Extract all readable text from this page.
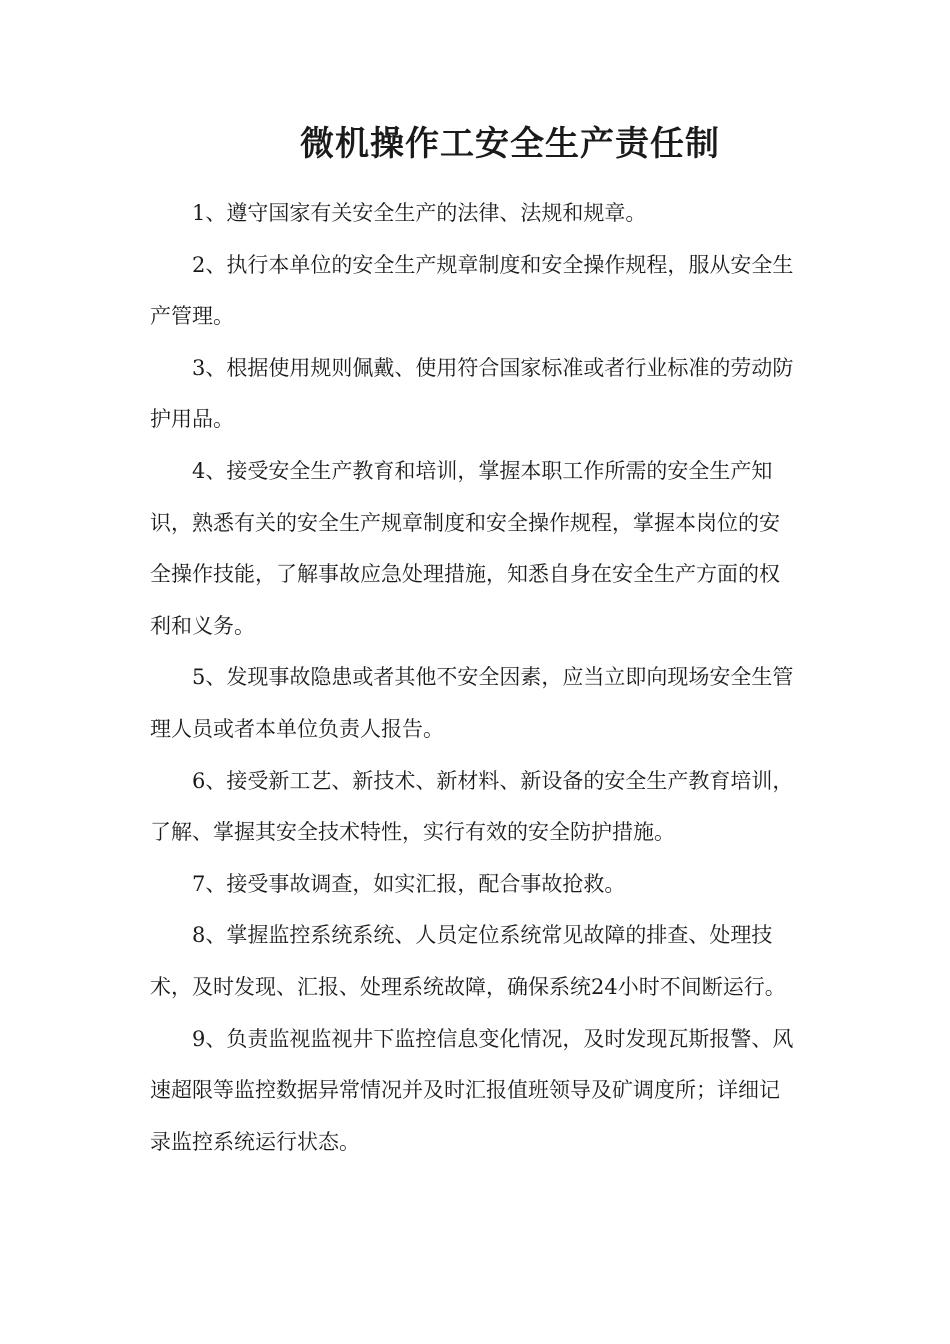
微机操作工安全生产责任制

1、遵守国家有关安全生产的法律、法规和规章。

2、执行本单位的安全生产规章制度和安全操作规程，服从安全生产管理。

3、根据使用规则佩戴、使用符合国家标准或者行业标准的劳动防护用品。

4、接受安全生产教育和培训，掌握本职工作所需的安全生产知识，熟悉有关的安全生产规章制度和安全操作规程，掌握本岗位的安全操作技能，了解事故应急处理措施，知悉自身在安全生产方面的权利和义务。

5、发现事故隐患或者其他不安全因素，应当立即向现场安全生管理人员或者本单位负责人报告。

6、接受新工艺、新技术、新材料、新设备的安全生产教育培训，了解、掌握其安全技术特性，实行有效的安全防护措施。

7、接受事故调查，如实汇报，配合事故抢救。

8、掌握监控系统系统、人员定位系统常见故障的排查、处理技术，及时发现、汇报、处理系统故障，确保系统24小时不间断运行。

9、负责监视监视井下监控信息变化情况，及时发现瓦斯报警、风速超限等监控数据异常情况并及时汇报值班领导及矿调度所；详细记录监控系统运行状态。
